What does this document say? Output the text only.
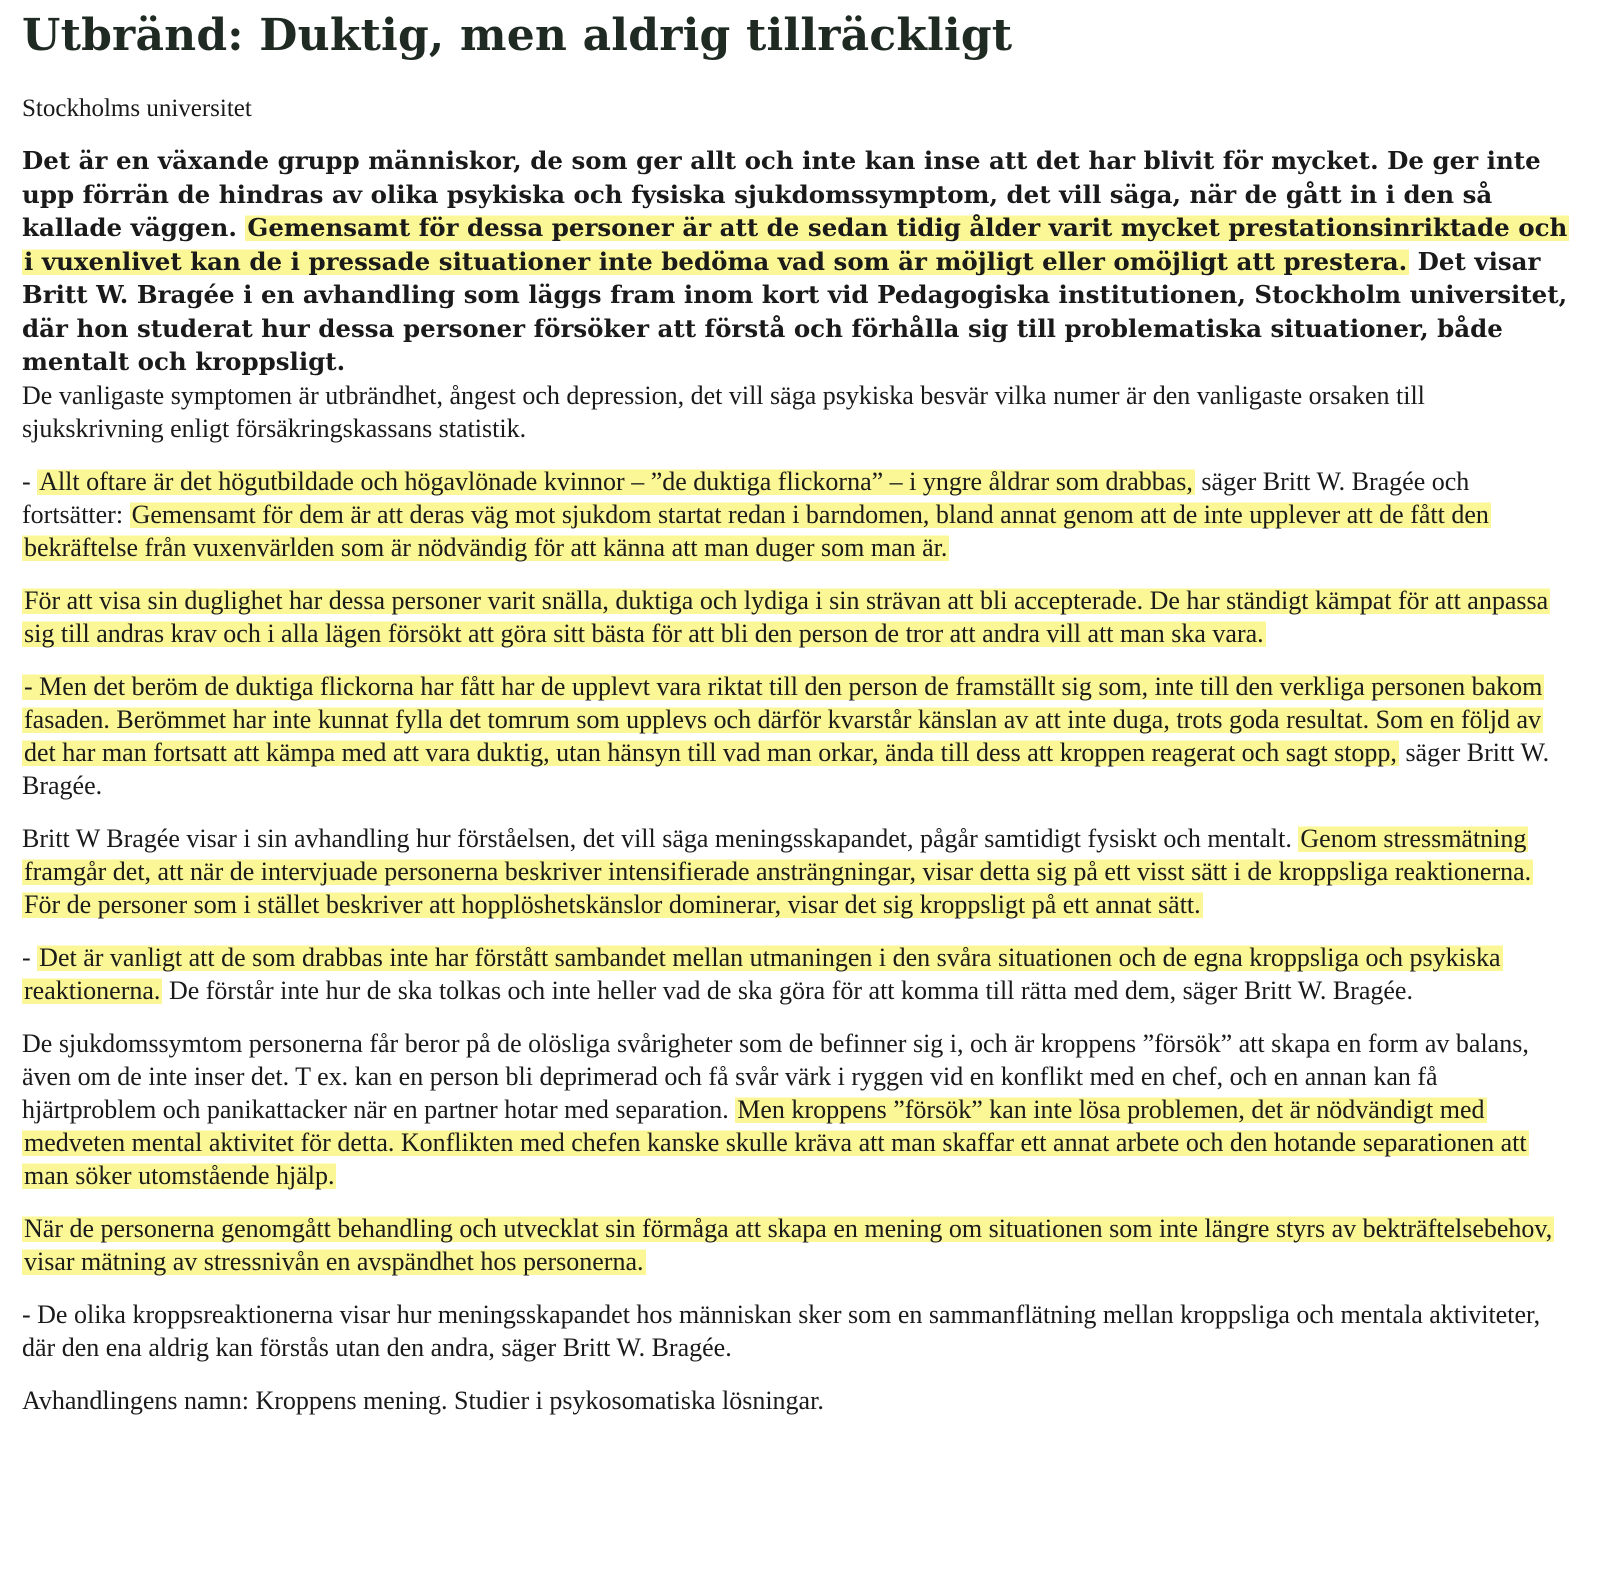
Utbränd: Duktig, men aldrig tillräckligt
Stockholms universitet

Det är en växande grupp människor, de som ger allt och inte kan inse att det har blivit för mycket. De ger inte upp förrän de hindras av olika psykiska och fysiska sjukdomssymptom, det vill säga, när de gått in i den så kallade väggen. Gemensamt för dessa personer är att de sedan tidig ålder varit mycket prestationsinriktade och i vuxenlivet kan de i pressade situationer inte bedöma vad som är möjligt eller omöjligt att prestera. Det visar Britt W. Bragée i en avhandling som läggs fram inom kort vid Pedagogiska institutionen, Stockholm universitet, där hon studerat hur dessa personer försöker att förstå och förhålla sig till problematiska situationer, både mentalt och kroppsligt.

De vanligaste symptomen är utbrändhet, ångest och depression, det vill säga psykiska besvär vilka numer är den vanligaste orsaken till sjukskrivning enligt försäkringskassans statistik.

- Allt oftare är det högutbildade och högavlönade kvinnor – ”de duktiga flickorna” – i yngre åldrar som drabbas, säger Britt W. Bragée och fortsätter: Gemensamt för dem är att deras väg mot sjukdom startat redan i barndomen, bland annat genom att de inte upplever att de fått den bekräftelse från vuxenvärlden som är nödvändig för att känna att man duger som man är.

För att visa sin duglighet har dessa personer varit snälla, duktiga och lydiga i sin strävan att bli accepterade. De har ständigt kämpat för att anpassa sig till andras krav och i alla lägen försökt att göra sitt bästa för att bli den person de tror att andra vill att man ska vara.

- Men det beröm de duktiga flickorna har fått har de upplevt vara riktat till den person de framställt sig som, inte till den verkliga personen bakom fasaden. Berömmet har inte kunnat fylla det tomrum som upplevs och därför kvarstår känslan av att inte duga, trots goda resultat. Som en följd av det har man fortsatt att kämpa med att vara duktig, utan hänsyn till vad man orkar, ända till dess att kroppen reagerat och sagt stopp, säger Britt W. Bragée.

Britt W Bragée visar i sin avhandling hur förståelsen, det vill säga meningsskapandet, pågår samtidigt fysiskt och mentalt. Genom stressmätning framgår det, att när de intervjuade personerna beskriver intensifierade ansträngningar, visar detta sig på ett visst sätt i de kroppsliga reaktionerna. För de personer som i stället beskriver att hopplöshetskänslor dominerar, visar det sig kroppsligt på ett annat sätt.

- Det är vanligt att de som drabbas inte har förstått sambandet mellan utmaningen i den svåra situationen och de egna kroppsliga och psykiska reaktionerna. De förstår inte hur de ska tolkas och inte heller vad de ska göra för att komma till rätta med dem, säger Britt W. Bragée.

De sjukdomssymtom personerna får beror på de olösliga svårigheter som de befinner sig i, och är kroppens ”försök” att skapa en form av balans, även om de inte inser det. T ex. kan en person bli deprimerad och få svår värk i ryggen vid en konflikt med en chef, och en annan kan få hjärtproblem och panikattacker när en partner hotar med separation. Men kroppens ”försök” kan inte lösa problemen, det är nödvändigt med medveten mental aktivitet för detta. Konflikten med chefen kanske skulle kräva att man skaffar ett annat arbete och den hotande separationen att man söker utomstående hjälp.

När de personerna genomgått behandling och utvecklat sin förmåga att skapa en mening om situationen som inte längre styrs av bekträftelsebehov, visar mätning av stressnivån en avspändhet hos personerna.

- De olika kroppsreaktionerna visar hur meningsskapandet hos människan sker som en sammanflätning mellan kroppsliga och mentala aktiviteter, där den ena aldrig kan förstås utan den andra, säger Britt W. Bragée.

Avhandlingens namn: Kroppens mening. Studier i psykosomatiska lösningar.
